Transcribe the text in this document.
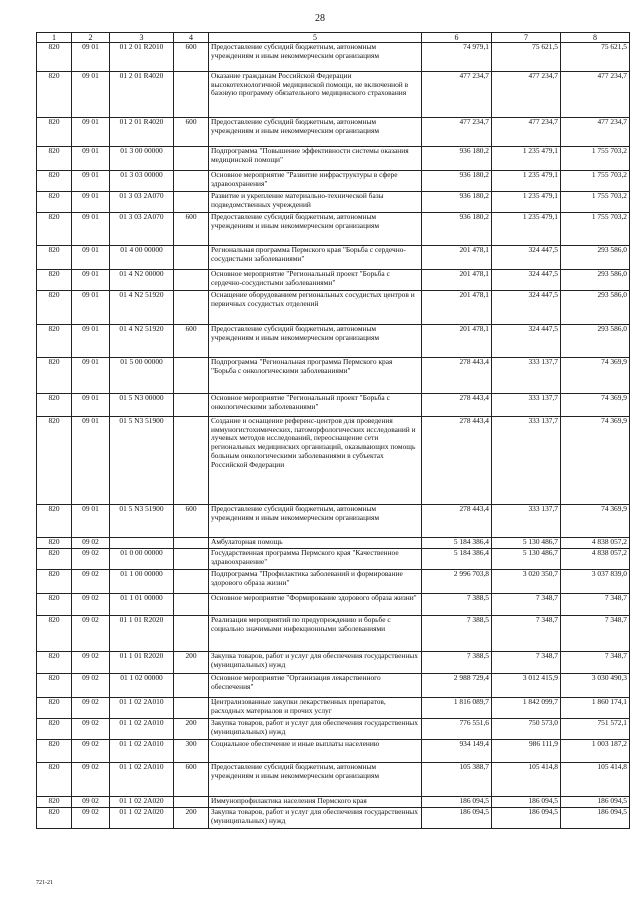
28
1	2	3	4	5	6	7	8
820	09 01	01 2 01 R2010	600	Предоставление субсидий бюджетным, автономным учреждениям и иным некоммерческим организациям	74 979,1	75 621,5	75 621,5
820	09 01	01 2 01 R4020		Оказание гражданам Российской Федерации высокотехнологичной медицинской помощи, не включенной в базовую программу обязательного медицинского страхования	477 234,7	477 234,7	477 234,7
820	09 01	01 2 01 R4020	600	Предоставление субсидий бюджетным, автономным учреждениям и иным некоммерческим организациям	477 234,7	477 234,7	477 234,7
820	09 01	01 3 00 00000		Подпрограмма "Повышение эффективности системы оказания медицинской помощи"	936 180,2	1 235 479,1	1 755 703,2
820	09 01	01 3 03 00000		Основное мероприятие "Развитие инфраструктуры в сфере здравоохранения"	936 180,2	1 235 479,1	1 755 703,2
820	09 01	01 3 03 2А070		Развитие и укрепление материально-технической базы подведомственных учреждений	936 180,2	1 235 479,1	1 755 703,2
820	09 01	01 3 03 2А070	600	Предоставление субсидий бюджетным, автономным учреждениям и иным некоммерческим организациям	936 180,2	1 235 479,1	1 755 703,2
820	09 01	01 4 00 00000		Региональная программа Пермского края "Борьба с сердечно-сосудистыми заболеваниями"	201 478,1	324 447,5	293 586,0
820	09 01	01 4 N2 00000		Основное мероприятие "Региональный проект "Борьба с сердечно-сосудистыми заболеваниями"	201 478,1	324 447,5	293 586,0
820	09 01	01 4 N2 51920		Оснащение оборудованием региональных сосудистых центров и первичных сосудистых отделений	201 478,1	324 447,5	293 586,0
820	09 01	01 4 N2 51920	600	Предоставление субсидий бюджетным, автономным учреждениям и иным некоммерческим организациям	201 478,1	324 447,5	293 586,0
820	09 01	01 5 00 00000		Подпрограмма "Региональная программа Пермского края "Борьба с онкологическими заболеваниями"	278 443,4	333 137,7	74 369,9
820	09 01	01 5 N3 00000		Основное мероприятие "Региональный проект "Борьба с онкологическими заболеваниями"	278 443,4	333 137,7	74 369,9
820	09 01	01 5 N3 51900		Создание и оснащение референс-центров для проведения иммуногистохимических, патоморфологических исследований и лучевых методов исследований, переоснащение сети региональных медицинских организаций, оказывающих помощь больным онкологическими заболеваниями в субъектах Российской Федерации	278 443,4	333 137,7	74 369,9
820	09 01	01 5 N3 51900	600	Предоставление субсидий бюджетным, автономным учреждениям и иным некоммерческим организациям	278 443,4	333 137,7	74 369,9
820	09 02			Амбулаторная помощь	5 184 386,4	5 130 486,7	4 838 057,2
820	09 02	01 0 00 00000		Государственная программа Пермского края "Качественное здравоохранение"	5 184 386,4	5 130 486,7	4 838 057,2
820	09 02	01 1 00 00000		Подпрограмма "Профилактика заболеваний и формирование здорового образа жизни"	2 996 703,8	3 020 350,7	3 037 839,0
820	09 02	01 1 01 00000		Основное мероприятие "Формирование здорового образа жизни"	7 388,5	7 348,7	7 348,7
820	09 02	01 1 01 R2020		Реализация мероприятий по предупреждению и борьбе с социально значимыми инфекционными заболеваниями	7 388,5	7 348,7	7 348,7
820	09 02	01 1 01 R2020	200	Закупка товаров, работ и услуг для обеспечения государственных (муниципальных) нужд	7 388,5	7 348,7	7 348,7
820	09 02	01 1 02 00000		Основное мероприятие "Организация лекарственного обеспечения"	2 988 729,4	3 012 415,9	3 030 490,3
820	09 02	01 1 02 2А010		Централизованные закупки лекарственных препаратов, расходных материалов и прочих услуг	1 816 089,7	1 842 099,7	1 860 174,1
820	09 02	01 1 02 2А010	200	Закупка товаров, работ и услуг для обеспечения государственных (муниципальных) нужд	776 551,6	750 573,0	751 572,1
820	09 02	01 1 02 2А010	300	Социальное обеспечение и иные выплаты населению	934 149,4	986 111,9	1 003 187,2
820	09 02	01 1 02 2А010	600	Предоставление субсидий бюджетным, автономным учреждениям и иным некоммерческим организациям	105 388,7	105 414,8	105 414,8
820	09 02	01 1 02 2А020		Иммунопрофилактика населения Пермского края	186 094,5	186 094,5	186 094,5
820	09 02	01 1 02 2А020	200	Закупка товаров, работ и услуг для обеспечения государственных (муниципальных) нужд	186 094,5	186 094,5	186 094,5
721-21
